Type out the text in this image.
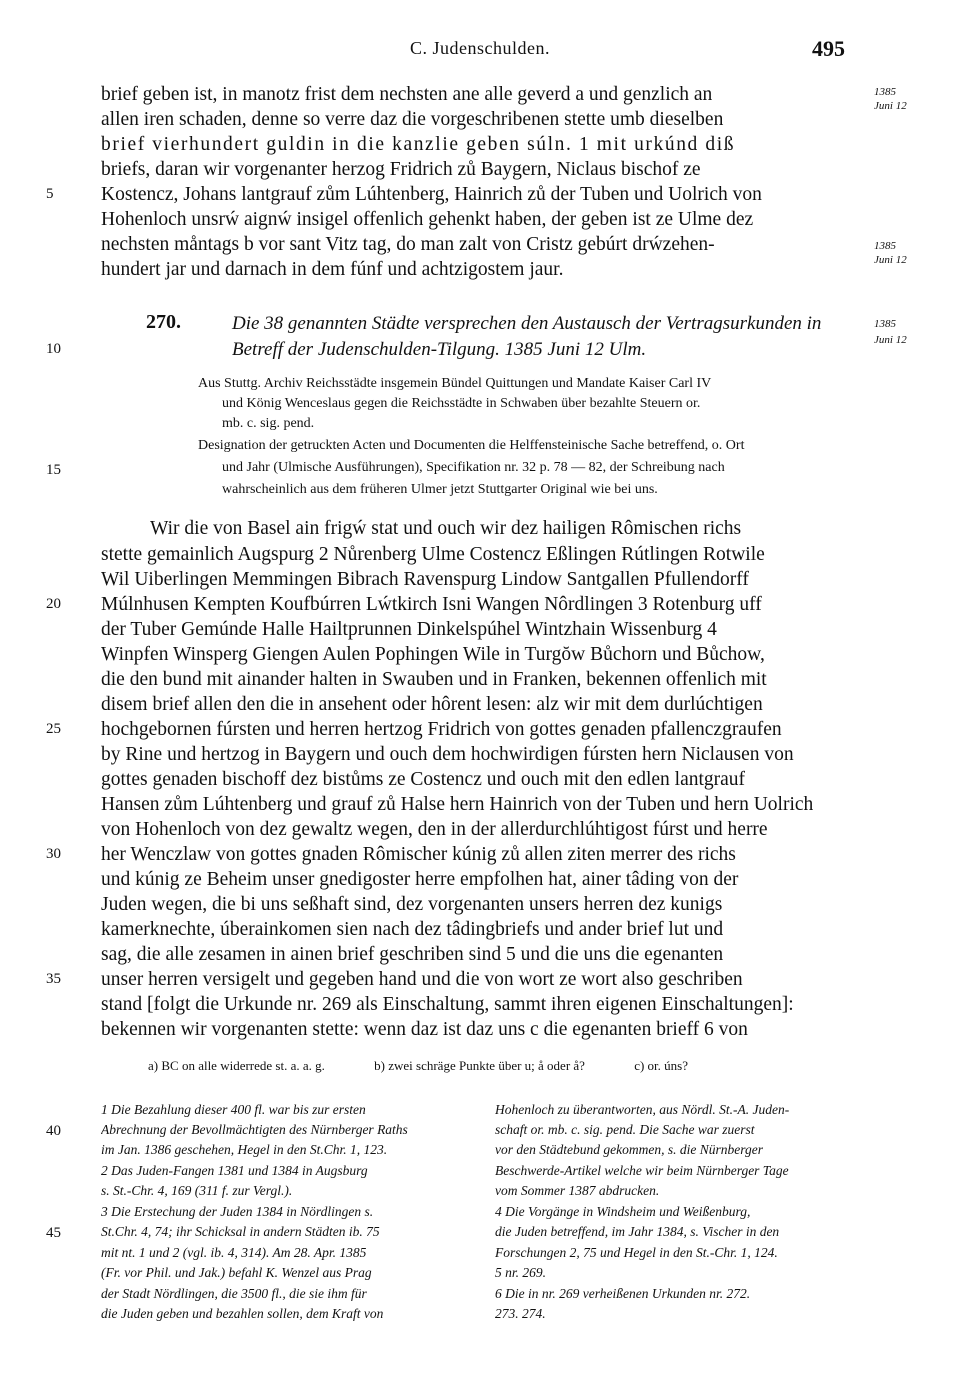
C. Judenschulden.	495
brief geben ist, in manotz frist dem nechsten ane alle geverd a und genzlich an
allen iren schaden, denne so verre daz die vorgeschribenen stette umb dieselben
brief vierhundert guldin in die kanzlie geben súln. 1 mit urkúnd diß
briefs, daran wir vorgenanter herzog Fridrich zů Baygern, Niclaus bischof ze
Kostencz, Johans lantgrauf zům Lúhtenberg, Hainrich zů der Tuben und Uolrich von
Hohenloch unsrẃ aignẃ insigel offenlich gehenkt haben, der geben ist ze Ulme dez
nechsten måntags b vor sant Vitz tag, do man zalt von Cristz gebúrt drẃzehen-
hundert jar und darnach in dem fúnf und achtzigostem jaur.
5
1385
Juni 12
1385
Juni 12
1385
Juni 12
270.	Die 38 genannten Städte versprechen den Austausch der Vertragsurkunden in
Betreff der Judenschulden-Tilgung. 1385 Juni 12 Ulm.
10
Aus Stuttg. Archiv Reichsstädte insgemein Bündel Quittungen und Mandate Kaiser Carl IV
und König Wenceslaus gegen die Reichsstädte in Schwaben über bezahlte Steuern or.
mb. c. sig. pend.
Designation der getruckten Acten und Documenten die Helffensteinische Sache betreffend, o. Ort
und Jahr (Ulmische Ausführungen), Specifikation nr. 32 p. 78 — 82, der Schreibung nach
wahrscheinlich aus dem früheren Ulmer jetzt Stuttgarter Original wie bei uns.
15
Wir die von Basel ain frigẃ stat und ouch wir dez hailigen Rômischen richs
stette gemainlich Augspurg 2 Nůrenberg Ulme Costencz Eßlingen Rútlingen Rotwile
Wil Uiberlingen Memmingen Bibrach Ravenspurg Lindow Santgallen Pfullendorff
Múlnhusen Kempten Koufbúrren Lẃtkirch Isni Wangen Nôrdlingen 3 Rotenburg uff
der Tuber Gemúnde Halle Hailtprunnen Dinkelspúhel Wintzhain Wissenburg 4
Winpfen Winsperg Giengen Aulen Pophingen Wile in Turgŏw Bůchorn und Bůchow,
die den bund mit ainander halten in Swauben und in Franken, bekennen offenlich mit
disem brief allen den die in ansehent oder hôrent lesen: alz wir mit dem durlúchtigen
hochgebornen fúrsten und herren hertzog Fridrich von gottes genaden pfallenczgraufen
by Rine und hertzog in Baygern und ouch dem hochwirdigen fúrsten hern Niclausen von
gottes genaden bischoff dez bistůms ze Costencz und ouch mit den edlen lantgrauf
Hansen zům Lúhtenberg und grauf zů Halse hern Hainrich von der Tuben und hern Uolrich
von Hohenloch von dez gewaltz wegen, den in der allerdurchlúhtigost fúrst und herre
her Wenczlaw von gottes gnaden Rômischer kúnig zů allen ziten merrer des richs
und kúnig ze Beheim unser gnedigoster herre empfolhen hat, ainer tâding von der
Juden wegen, die bi uns seßhaft sind, dez vorgenanten unsers herren dez kunigs
kamerknechte, úberainkomen sien nach dez tâdingbriefs und ander brief lut und
sag, die alle zesamen in ainen brief geschriben sind 5 und die uns die egenanten
unser herren versigelt und gegeben hand und die von wort ze wort also geschriben
stand [folgt die Urkunde nr. 269 als Einschaltung, sammt ihren eigenen Einschaltungen]:
bekennen wir vorgenanten stette: wenn daz ist daz uns c die egenanten brieff 6 von
20
25
30
35
a) BC on alle widerrede st. a. a. g.	b) zwei schräge Punkte über u; å oder å?	c) or. úns?
1 Die Bezahlung dieser 400 fl. war bis zur ersten
Abrechnung der Bevollmächtigten des Nürnberger Raths
im Jan. 1386 geschehen, Hegel in den St.Chr. 1, 123.
2 Das Juden-Fangen 1381 und 1384 in Augsburg
s. St.-Chr. 4, 169 (311 f. zur Vergl.).
3 Die Erstechung der Juden 1384 in Nördlingen s.
St.Chr. 4, 74; ihr Schicksal in andern Städten ib. 75
mit nt. 1 und 2 (vgl. ib. 4, 314). Am 28. Apr. 1385
(Fr. vor Phil. und Jak.) befahl K. Wenzel aus Prag
der Stadt Nördlingen, die 3500 fl., die sie ihm für
die Juden geben und bezahlen sollen, dem Kraft von
Hohenloch zu überantworten, aus Nördl. St.-A. Juden-
schaft or. mb. c. sig. pend. Die Sache war zuerst
vor den Städtebund gekommen, s. die Nürnberger
Beschwerde-Artikel welche wir beim Nürnberger Tage
vom Sommer 1387 abdrucken.
4 Die Vorgänge in Windsheim und Weißenburg,
die Juden betreffend, im Jahr 1384, s. Vischer in den
Forschungen 2, 75 und Hegel in den St.-Chr. 1, 124.
5 nr. 269.
6 Die in nr. 269 verheißenen Urkunden nr. 272.
273. 274.
40
45
